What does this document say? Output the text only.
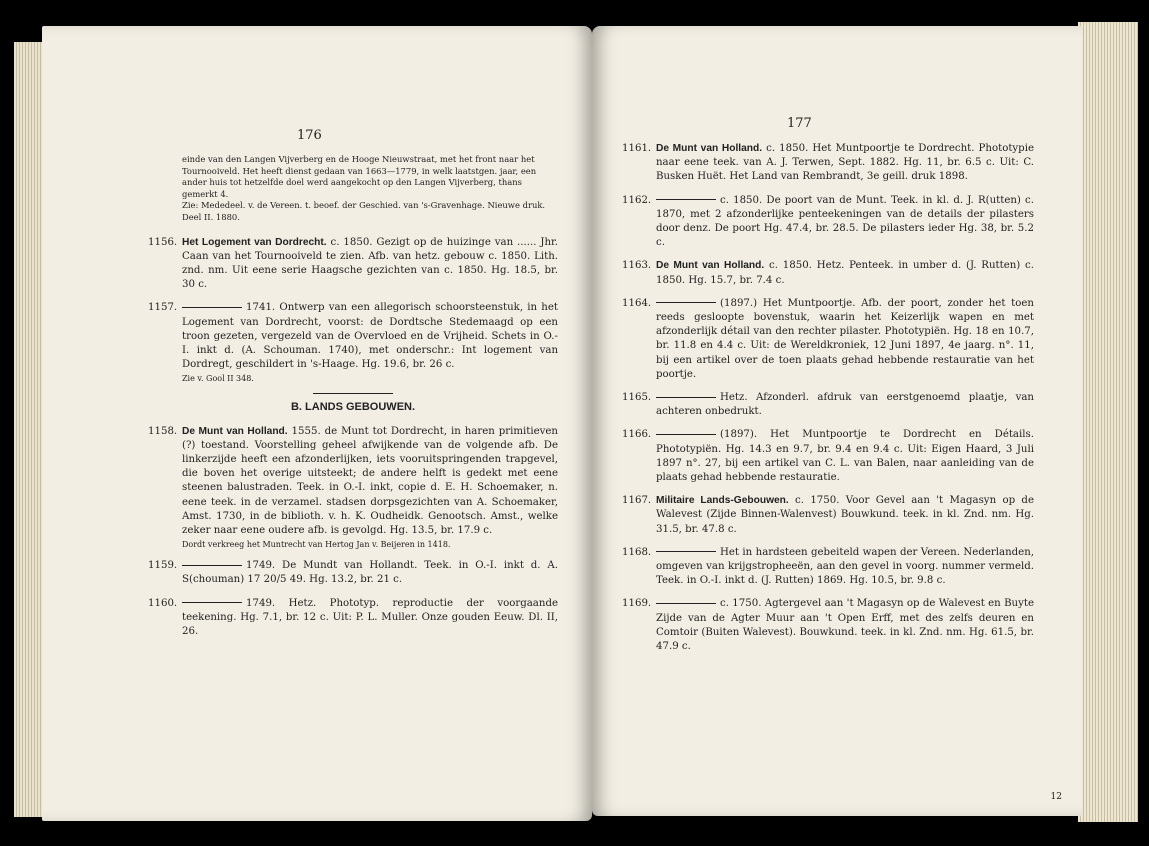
176
einde van den Langen Vijverberg en de Hooge Nieuwstraat, met het front naar het Tournooiveld. Het heeft dienst gedaan van 1663—1779, in welk laatstgen. jaar, een ander huis tot hetzelfde doel werd aangekocht op den Langen Vijverberg, thans gemerkt 4.
Zie: Mededeel. v. de Vereen. t. beoef. der Geschied. van 's-Gravenhage. Nieuwe druk. Deel II. 1880.
1156. Het Logement van Dordrecht. c. 1850. Gezigt op de huizinge van ...... Jhr. Caan van het Tournooiveld te zien. Afb. van hetz. gebouw c. 1850. Lith. znd. nm. Uit eene serie Haagsche gezichten van c. 1850. Hg. 18.5, br. 30 c.
1157.	1741. Ontwerp van een allegorisch schoorsteenstuk, in het Logement van Dordrecht, voorst: de Dordtsche Stedemaagd op een troon gezeten, vergezeld van de Overvloed en de Vrijheid. Schets in O.-I. inkt d. (A. Schouman. 1740), met onderschr.: Int logement van Dordregt, geschildert in 's-Haage. Hg. 19.6, br. 26 c.
Zie v. Gool II 348.
B. LANDS GEBOUWEN.
1158. De Munt van Holland. 1555. de Munt tot Dordrecht, in haren primitieven (?) toestand. Voorstelling geheel afwijkende van de volgende afb. De linkerzijde heeft een afzonderlijken, iets vooruitspringenden trapgevel, die boven het overige uitsteekt; de andere helft is gedekt met eene steenen balustraden. Teek. in O.-I. inkt, copie d. E. H. Schoemaker, n. eene teek. in de verzamel. stadsen dorpsgezichten van A. Schoemaker, Amst. 1730, in de biblioth. v. h. K. Oudheidk. Genootsch. Amst., welke zeker naar eene oudere afb. is gevolgd. Hg. 13.5, br. 17.9 c.
Dordt verkreeg het Muntrecht van Hertog Jan v. Beijeren in 1418.
1159.	1749. De Mundt van Hollandt. Teek. in O.-I. inkt d. A. S(chouman) 17 20/5 49. Hg. 13.2, br. 21 c.
1160.	1749. Hetz. Phototyp. reproductie der voorgaande teekening. Hg. 7.1, br. 12 c. Uit: P. L. Muller. Onze gouden Eeuw. Dl. II, 26.
177
1161. De Munt van Holland. c. 1850. Het Muntpoortje te Dordrecht. Phototypie naar eene teek. van A. J. Terwen, Sept. 1882. Hg. 11, br. 6.5 c. Uit: C. Busken Huët. Het Land van Rembrandt, 3e geill. druk 1898.
1162.	c. 1850. De poort van de Munt. Teek. in kl. d. J. R(utten) c. 1870, met 2 afzonderlijke penteekeningen van de details der pilasters door denz. De poort Hg. 47.4, br. 28.5. De pilasters ieder Hg. 38, br. 5.2 c.
1163. De Munt van Holland. c. 1850. Hetz. Penteek. in umber d. (J. Rutten) c. 1850. Hg. 15.7, br. 7.4 c.
1164.	(1897.) Het Muntpoortje. Afb. der poort, zonder het toen reeds gesloopte bovenstuk, waarin het Keizerlijk wapen en met afzonderlijk détail van den rechter pilaster. Phototypiën. Hg. 18 en 10.7, br. 11.8 en 4.4 c. Uit: de Wereldkroniek, 12 Juni 1897, 4e jaarg. n°. 11, bij een artikel over de toen plaats gehad hebbende restauratie van het poortje.
1165.	Hetz. Afzonderl. afdruk van eerstgenoemd plaatje, van achteren onbedrukt.
1166.	(1897). Het Muntpoortje te Dordrecht en Détails. Phototypiën. Hg. 14.3 en 9.7, br. 9.4 en 9.4 c. Uit: Eigen Haard, 3 Juli 1897 n°. 27, bij een artikel van C. L. van Balen, naar aanleiding van de plaats gehad hebbende restauratie.
1167. Militaire Lands-Gebouwen. c. 1750. Voor Gevel aan 't Magasyn op de Walevest (Zijde Binnen-Walenvest) Bouwkund. teek. in kl. Znd. nm. Hg. 31.5, br. 47.8 c.
1168.	Het in hardsteen gebeiteld wapen der Vereen. Nederlanden, omgeven van krijgstropheeën, aan den gevel in voorg. nummer vermeld. Teek. in O.-I. inkt d. (J. Rutten) 1869. Hg. 10.5, br. 9.8 c.
1169.	c. 1750. Agtergevel aan 't Magasyn op de Walevest en Buyte Zijde van de Agter Muur aan 't Open Erff, met des zelfs deuren en Comtoir (Buiten Walevest). Bouwkund. teek. in kl. Znd. nm. Hg. 61.5, br. 47.9 c.
12
